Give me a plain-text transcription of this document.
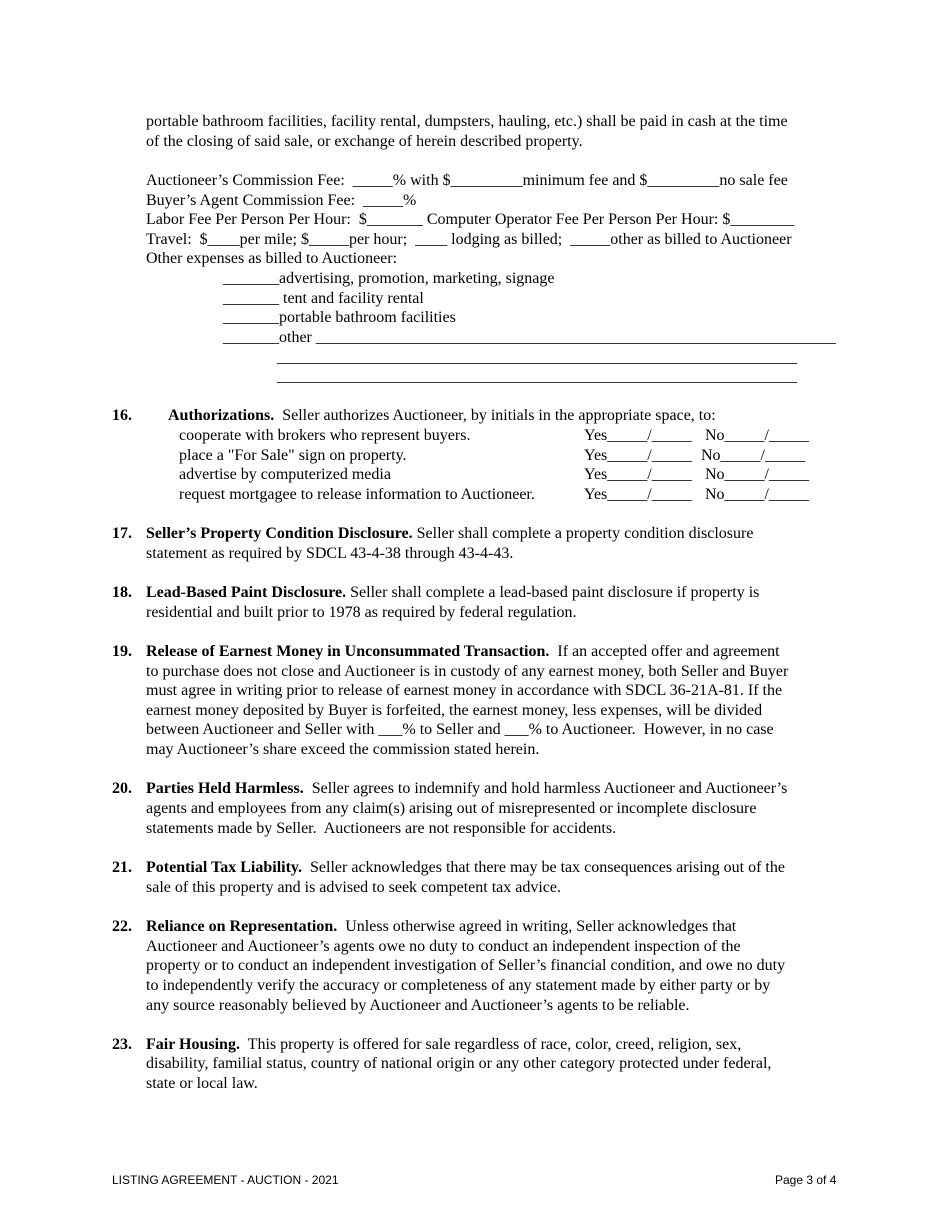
portable bathroom facilities, facility rental, dumpsters, hauling, etc.) shall be paid in cash at the time
of the closing of said sale, or exchange of herein described property.
Auctioneer’s Commission Fee:  _____% with $_________minimum fee and $_________no sale fee
Buyer’s Agent Commission Fee:  _____%
Labor Fee Per Person Per Hour:  $_______ Computer Operator Fee Per Person Per Hour: $________
Travel:  $____per mile; $_____per hour;  ____ lodging as billed;  _____other as billed to Auctioneer
Other expenses as billed to Auctioneer:
_______advertising, promotion, marketing, signage
_______ tent and facility rental
_______portable bathroom facilities
_______other _________________________________________________________________
_________________________________________________________________
_________________________________________________________________
16. Authorizations.  Seller authorizes Auctioneer, by initials in the appropriate space, to:
cooperate with brokers who represent buyers.	Yes_____/_____ No_____/_____
place a "For Sale" sign on property.	Yes_____/_____ No_____/_____
advertise by computerized media	Yes_____/_____ No_____/_____
request mortgagee to release information to Auctioneer.	Yes_____/_____ No_____/_____
17. Seller’s Property Condition Disclosure. Seller shall complete a property condition disclosure
statement as required by SDCL 43-4-38 through 43-4-43.
18. Lead-Based Paint Disclosure. Seller shall complete a lead-based paint disclosure if property is
residential and built prior to 1978 as required by federal regulation.
19. Release of Earnest Money in Unconsummated Transaction.  If an accepted offer and agreement
to purchase does not close and Auctioneer is in custody of any earnest money, both Seller and Buyer
must agree in writing prior to release of earnest money in accordance with SDCL 36-21A-81. If the
earnest money deposited by Buyer is forfeited, the earnest money, less expenses, will be divided
between Auctioneer and Seller with ___% to Seller and ___% to Auctioneer.  However, in no case
may Auctioneer’s share exceed the commission stated herein.
20. Parties Held Harmless.  Seller agrees to indemnify and hold harmless Auctioneer and Auctioneer’s
agents and employees from any claim(s) arising out of misrepresented or incomplete disclosure
statements made by Seller.  Auctioneers are not responsible for accidents.
21. Potential Tax Liability.  Seller acknowledges that there may be tax consequences arising out of the
sale of this property and is advised to seek competent tax advice.
22. Reliance on Representation.  Unless otherwise agreed in writing, Seller acknowledges that
Auctioneer and Auctioneer’s agents owe no duty to conduct an independent inspection of the
property or to conduct an independent investigation of Seller’s financial condition, and owe no duty
to independently verify the accuracy or completeness of any statement made by either party or by
any source reasonably believed by Auctioneer and Auctioneer’s agents to be reliable.
23. Fair Housing.  This property is offered for sale regardless of race, color, creed, religion, sex,
disability, familial status, country of national origin or any other category protected under federal,
state or local law.
LISTING AGREEMENT - AUCTION - 2021	Page 3 of 4
